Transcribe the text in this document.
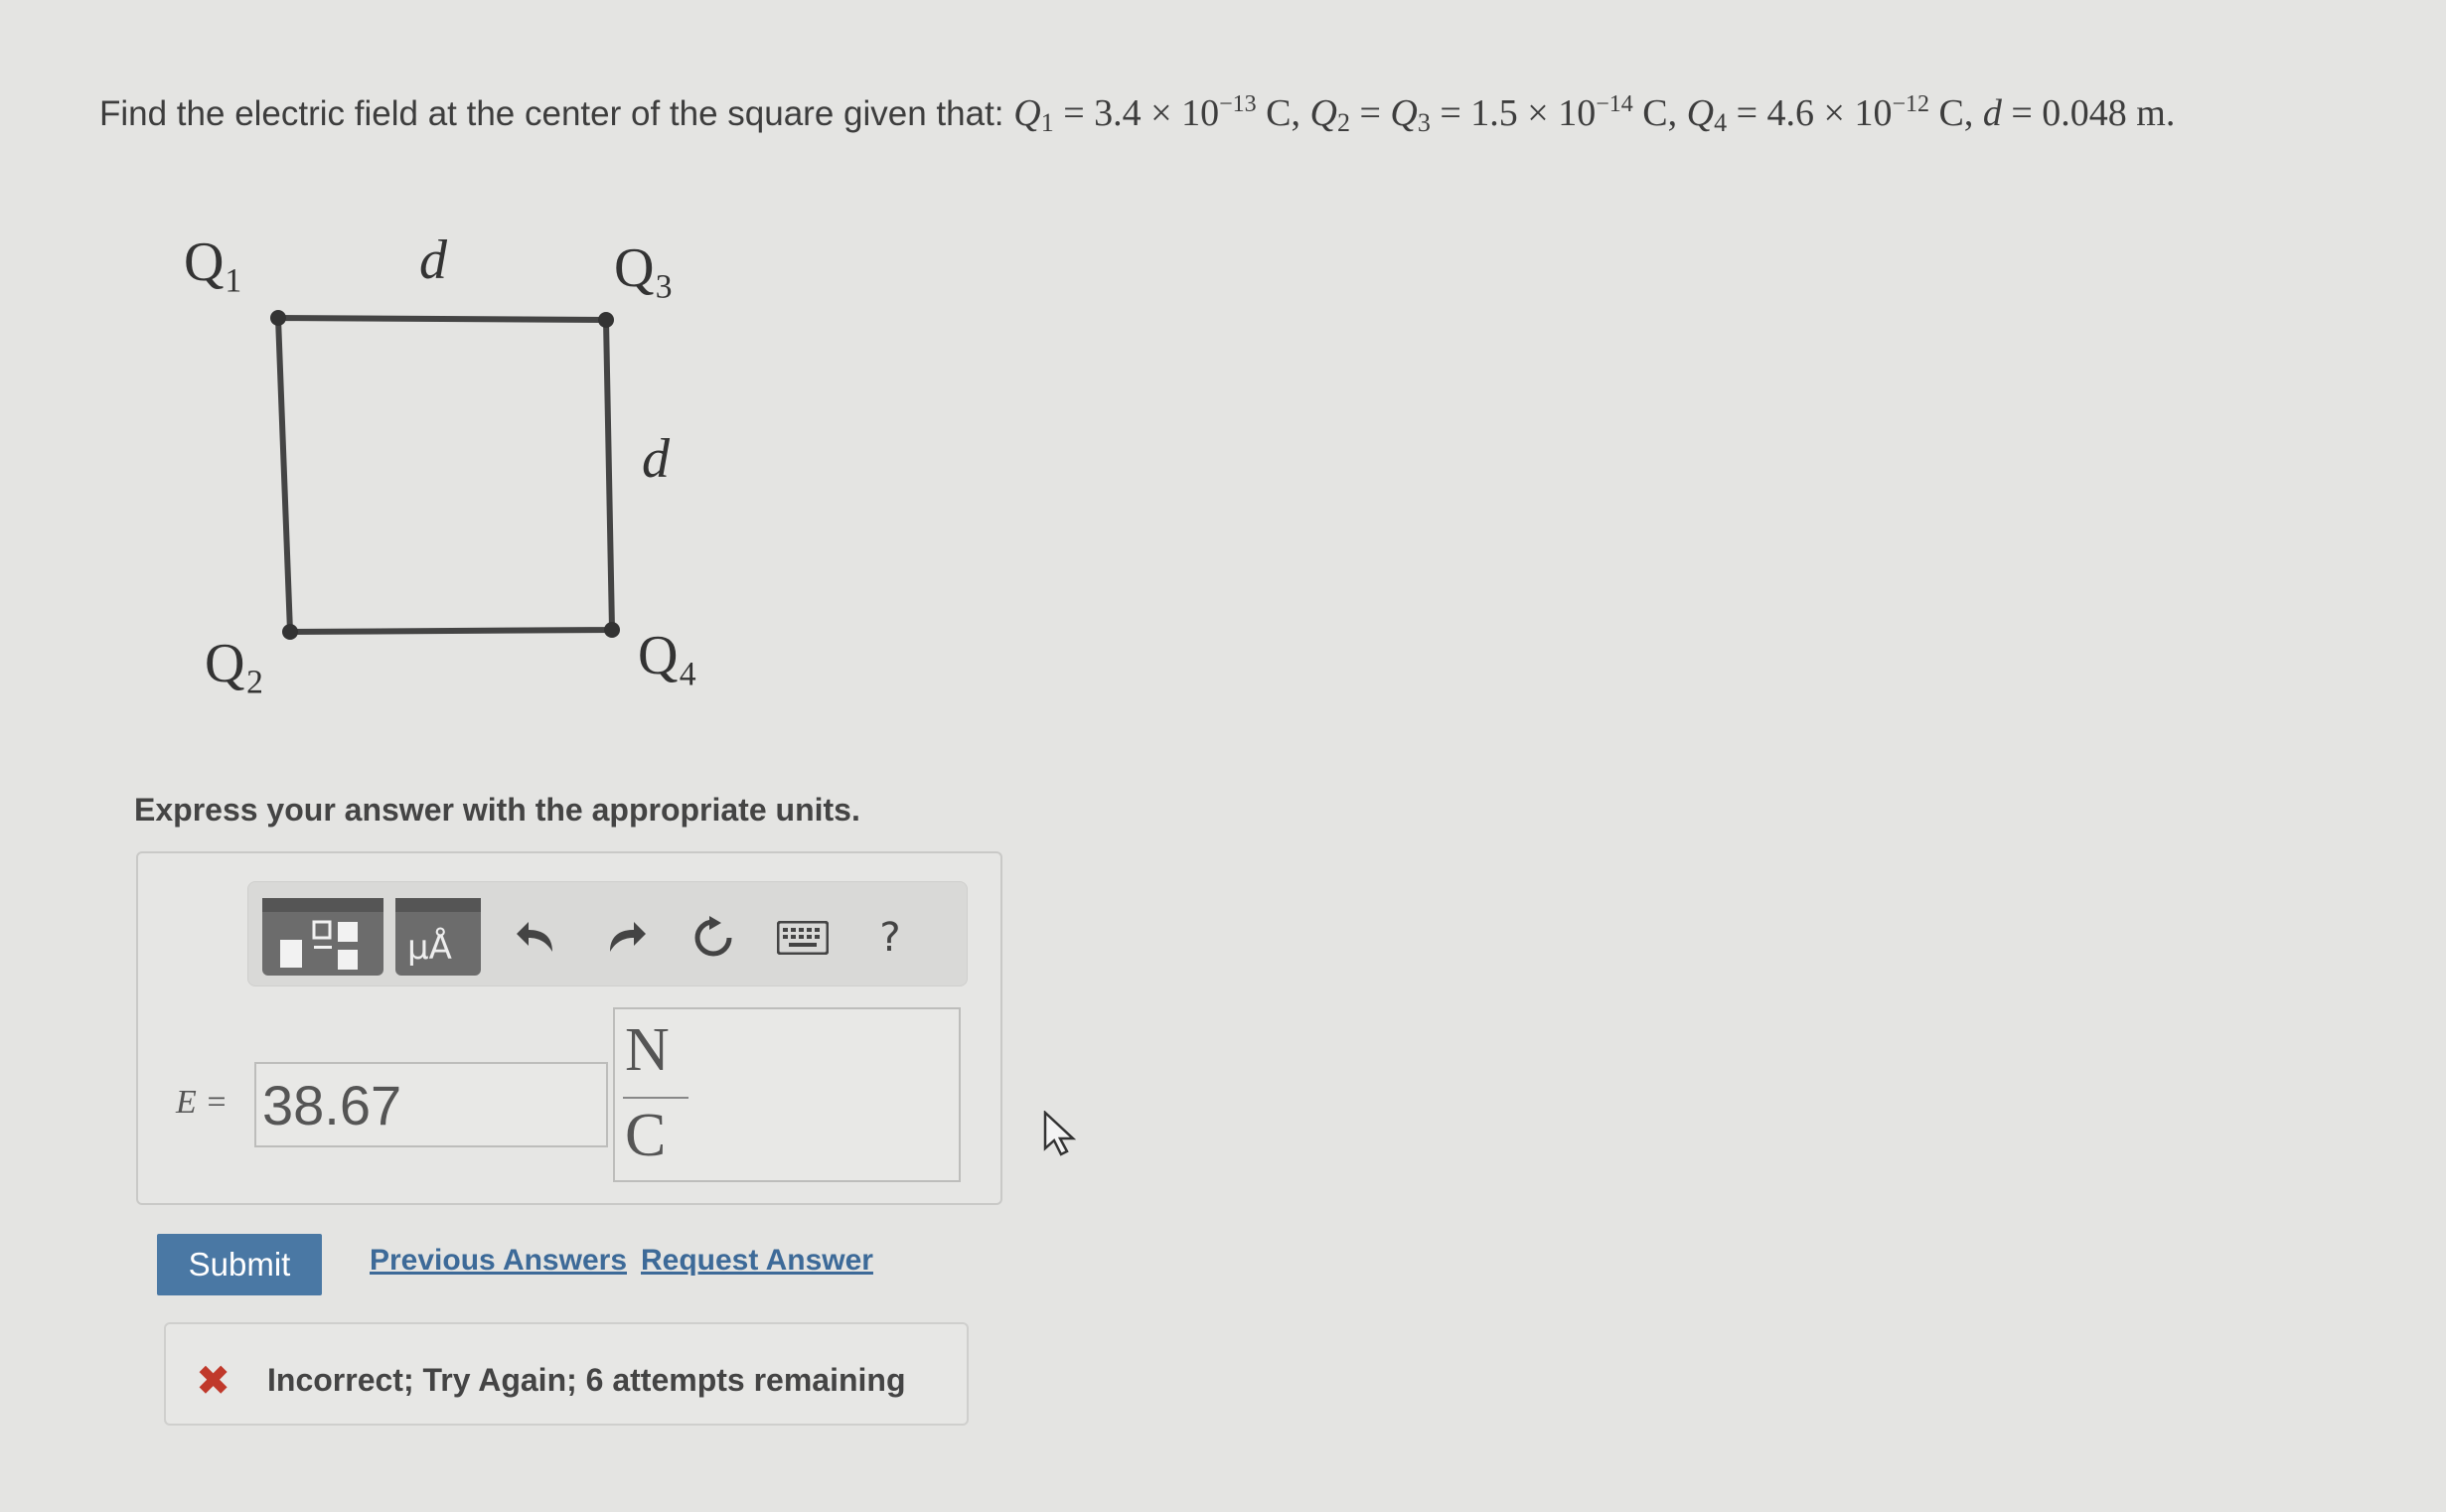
Find the electric field at the center of the square given that: $Q_1 = 3.4 \times 10^{-13}$ C, $Q_2 = Q_3 = 1.5 \times 10^{-14}$ C, $Q_4 = 4.6 \times 10^{-12}$ C, d = 0.048 m.
Q₁	Q₃
Q₂	Q₄
d
d
Express your answer with the appropriate units.
μÅ	?
E = 38.67
N
C
Submit	Previous Answers Request Answer
✖ Incorrect; Try Again; 6 attempts remaining
